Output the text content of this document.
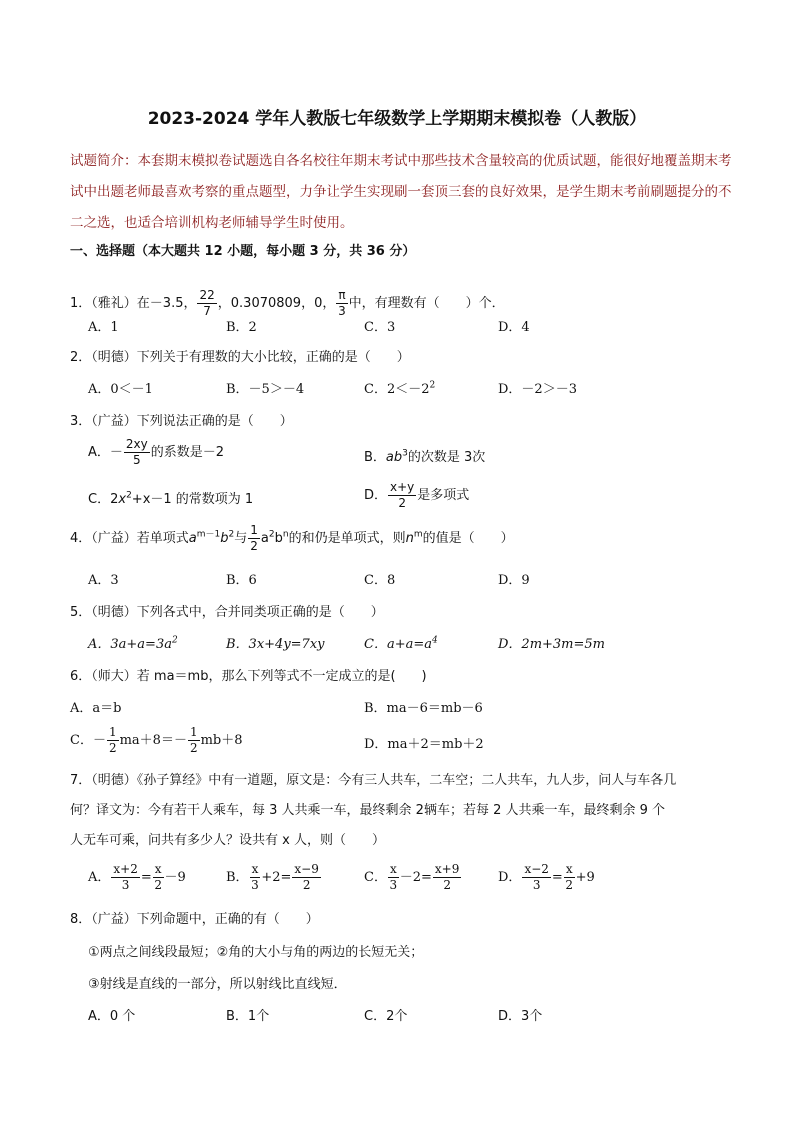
2023-2024 学年人教版七年级数学上学期期末模拟卷（人教版）
试题简介：本套期末模拟卷试题选自各名校往年期末考试中那些技术含量较高的优质试题，能很好地覆盖期末考试中出题老师最喜欢考察的重点题型，力争让学生实现刷一套顶三套的良好效果，是学生期末考前刷题提分的不二之选，也适合培训机构老师辅导学生时使用。
一、选择题（本大题共 12 小题，每小题 3 分，共 36 分）
1．（雅礼）在－3.5， $\frac{22}{7}$ ，0.3070809，0， $\frac{\pi}{3}$ 中，有理数有（　　）个．
A．1	B．2	C．3	D．4
2．（明德）下列关于有理数的大小比较，正确的是（　　）
A．0＜－1	B．－5＞－4	C．$2<-2^2$	D．－2＞－3
3．（广益）下列说法正确的是（　　）
A．－ $\frac{2xy}{5}$ 的系数是－2	B．$ab^3$的次数是 3次
C．$2x^2+x-1$ 的常数项为 1	D． $\frac{x+y}{2}$ 是多项式
4．（广益）若单项式$a^{m-1}b^2$与 $\frac{1}{2} a^2b^n$的和仍是单项式，则$n^m$的值是（　　）
A．3	B．6	C．8	D．9
5．（明德）下列各式中，合并同类项正确的是（　　）
A．$3a+a=3a^2$	B．3x+4y=7xy	C．$a+a=a^4$	D．2m+3m=5m
6．（师大）若 ma＝mb，那么下列等式不一定成立的是(　　)
A．a＝b	B．ma－6＝mb－6
C．－ $\frac{1}{2} ma+8=- \frac{1}{2} mb+8$	D．ma＋2＝mb＋2
7．（明德）《孙子算经》中有一道题，原文是：今有三人共车，二车空；二人共车，九人步，问人与车各几
何？译文为：今有若干人乘车，每 3 人共乘一车，最终剩余 2辆车；若每 2 人共乘一车，最终剩余 9 个
人无车可乘，问共有多少人？设共有 x 人，则（　　）
A． $\frac{x+2}{3} = \frac{x}{2} -9$	B． $\frac{x}{3} +2= \frac{x-9}{2}$	C． $\frac{x}{3} -2= \frac{x+9}{2}$	D． $\frac{x-2}{3} = \frac{x}{2} +9$
8．（广益）下列命题中，正确的有（　　）
①两点之间线段最短；②角的大小与角的两边的长短无关；
③射线是直线的一部分，所以射线比直线短．
A．0 个	B．1个	C．2个	D．3个
